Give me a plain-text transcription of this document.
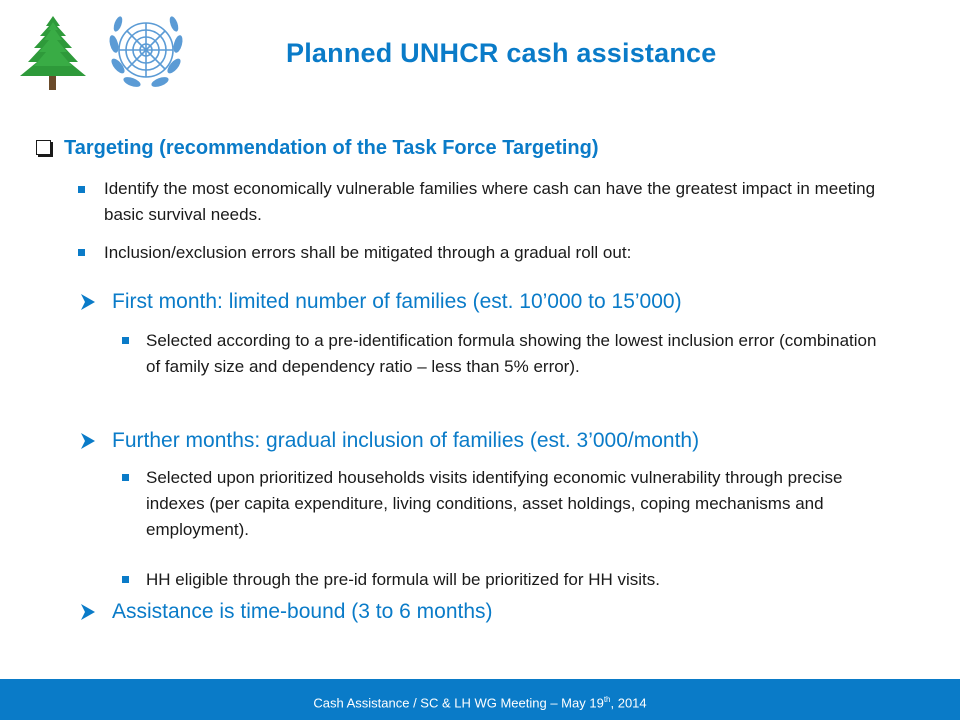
Planned UNHCR cash assistance
Targeting (recommendation of the Task Force Targeting)
Identify the most economically vulnerable families where cash can have the greatest impact in meeting basic survival needs.
Inclusion/exclusion errors shall be mitigated through a gradual roll out:
First month: limited number of families (est. 10’000 to 15’000)
Selected according to a pre-identification formula showing the lowest inclusion error (combination of family size and dependency ratio – less than 5% error).
Further months: gradual inclusion of families (est. 3’000/month)
Selected upon prioritized households visits identifying economic vulnerability through precise indexes (per capita expenditure, living conditions, asset holdings, coping mechanisms and employment).
HH eligible through the pre-id formula will be prioritized for HH visits.
Assistance is time-bound (3 to 6 months)
Cash Assistance / SC & LH WG Meeting – May 19th, 2014
